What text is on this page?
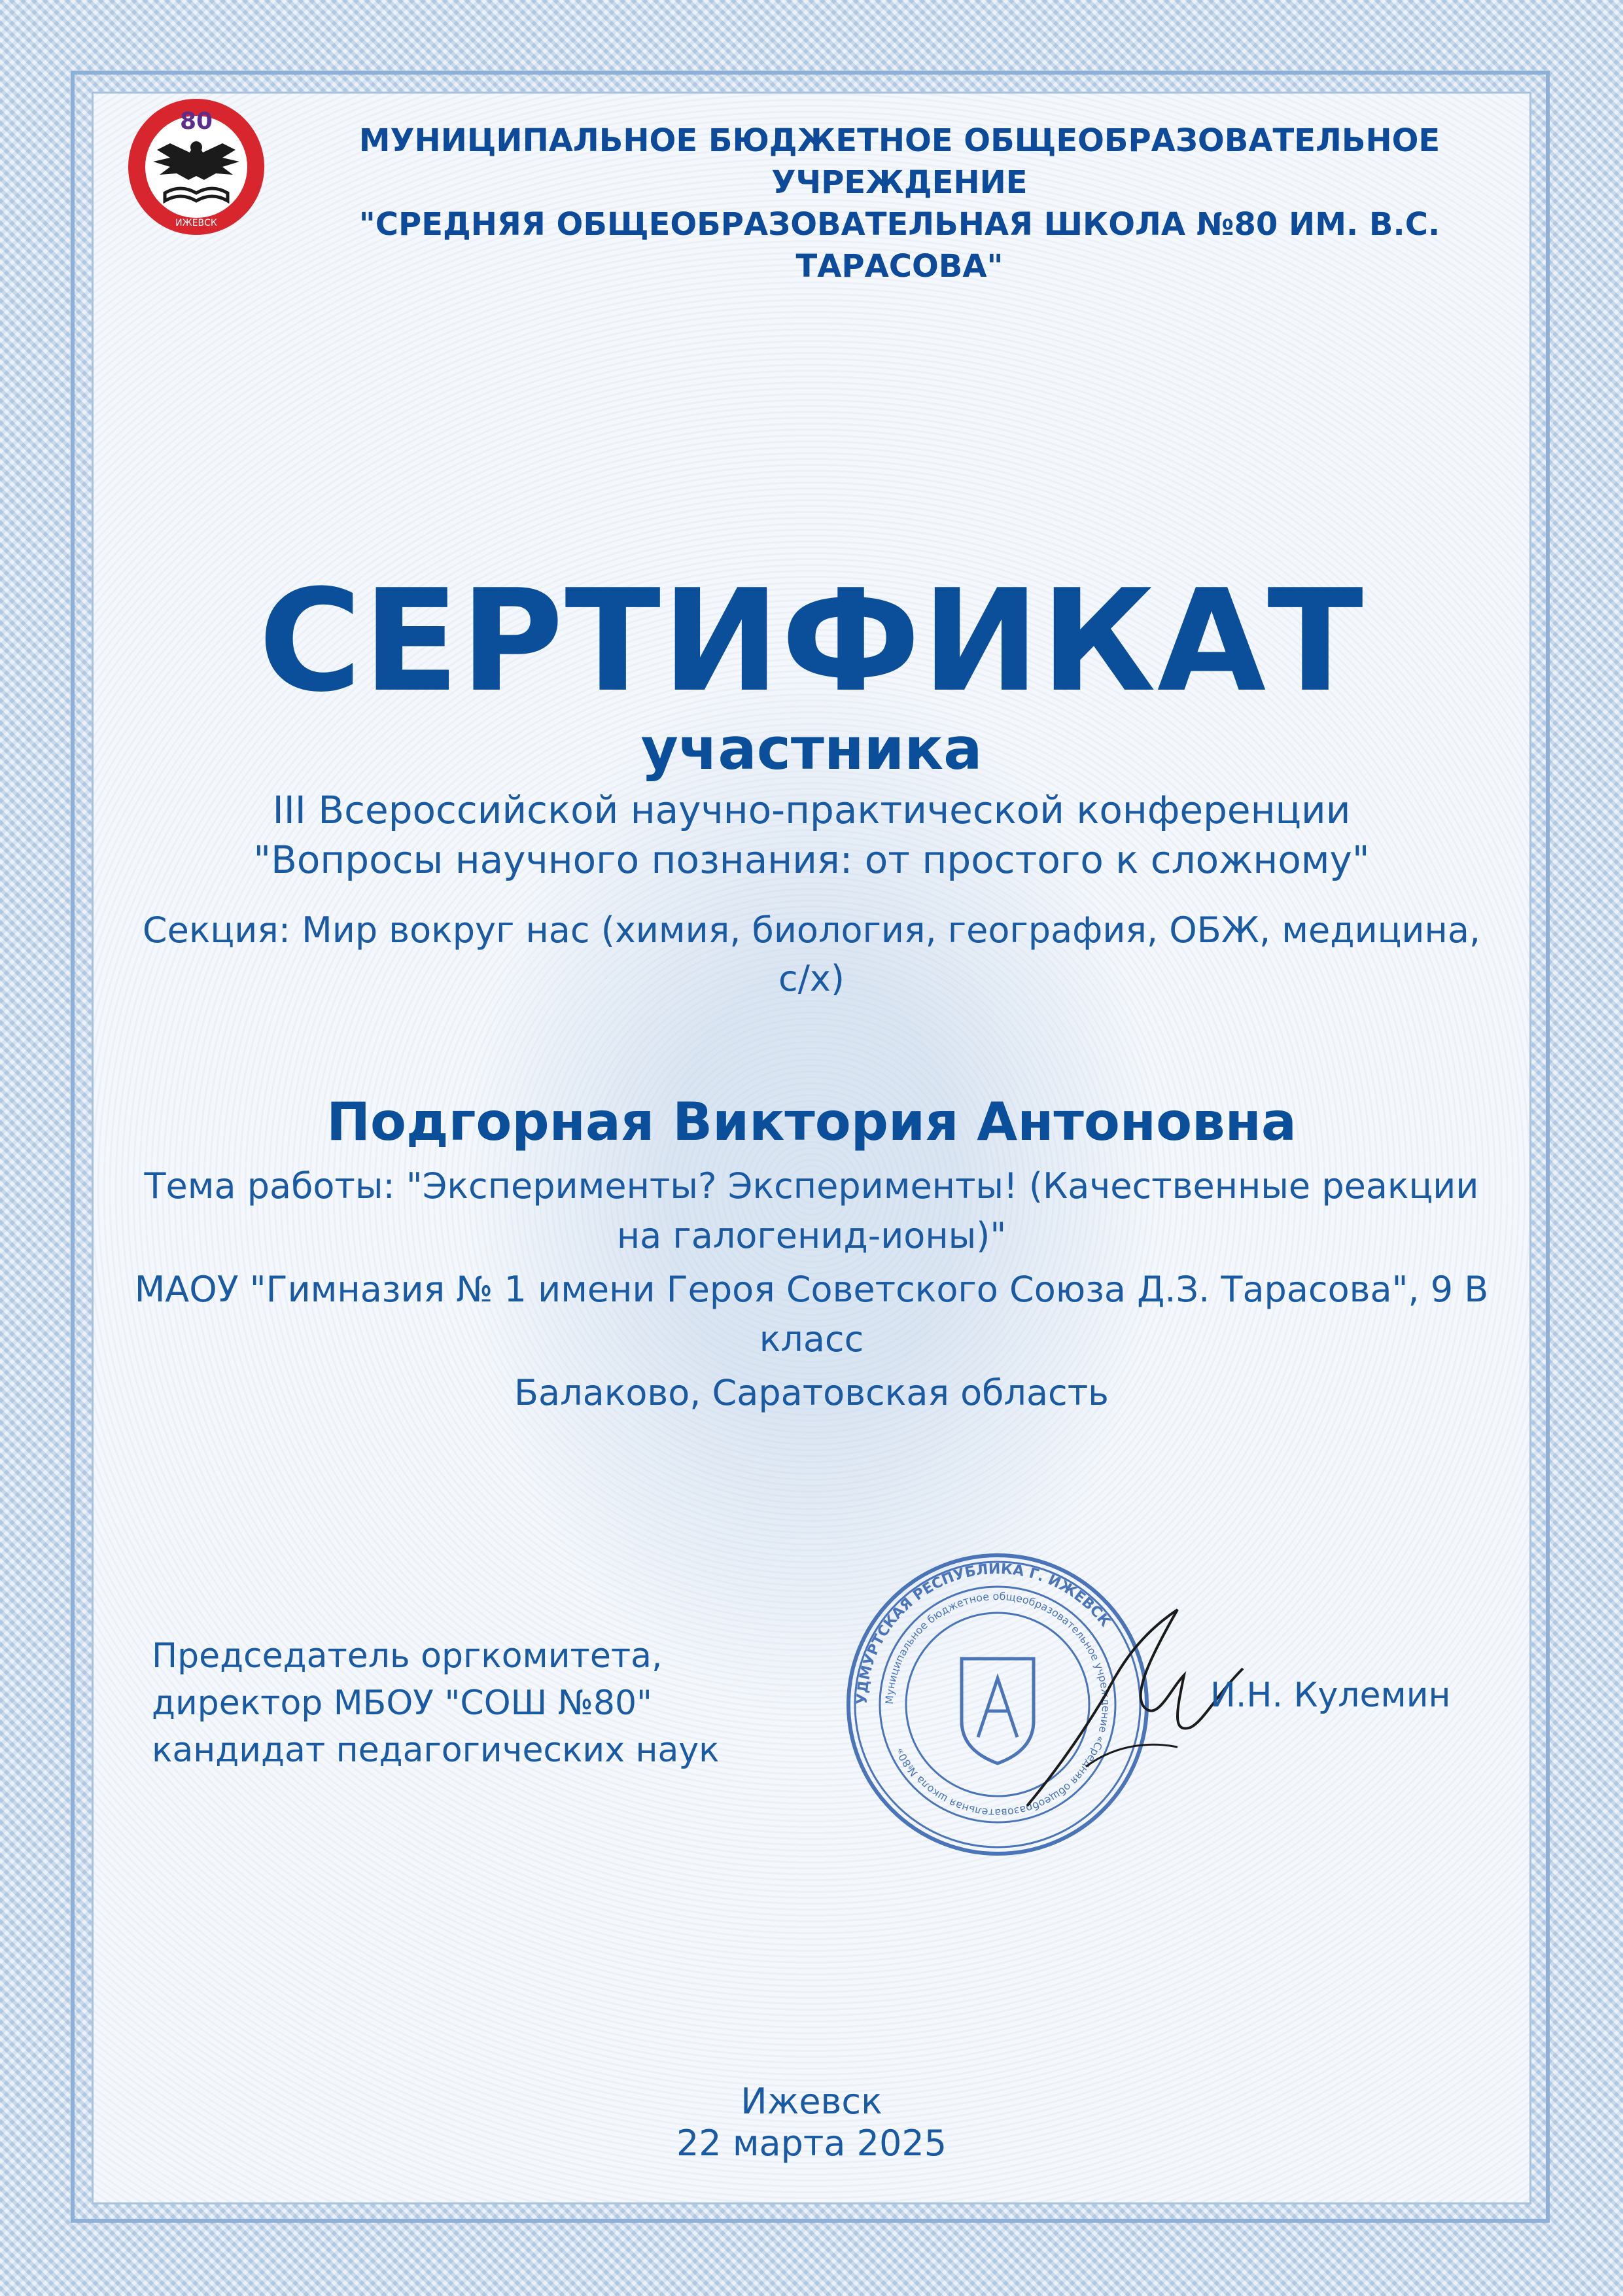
80
ИЖЕВСК
МУНИЦИПАЛЬНОЕ БЮДЖЕТНОЕ ОБЩЕОБРАЗОВАТЕЛЬНОЕ УЧРЕЖДЕНИЕ
"СРЕДНЯЯ ОБЩЕОБРАЗОВАТЕЛЬНАЯ ШКОЛА №80 ИМ. В.С. ТАРАСОВА"
СЕРТИФИКАТ
участника
III Всероссийской научно-практической конференции
"Вопросы научного познания: от простого к сложному"
Секция: Мир вокруг нас (химия, биология, география, ОБЖ, медицина, с/х)
Подгорная Виктория Антоновна

Тема работы: "Эксперименты? Эксперименты! (Качественные реакции на галогенид-ионы)"

МАОУ "Гимназия № 1 имени Героя Советского Союза Д.З. Тарасова", 9 В класс

Балаково, Саратовская область

Председатель оргкомитета,
директор МБОУ "СОШ №80"
кандидат педагогических наук
УДМУРТСКАЯ РЕСПУБЛИКА Г. ИЖЕВСК
Муниципальное бюджетное общеобразовательное учреждение «Средняя общеобразовательная школа №80»
И.Н. Кулемин
Ижевск
22 марта 2025
